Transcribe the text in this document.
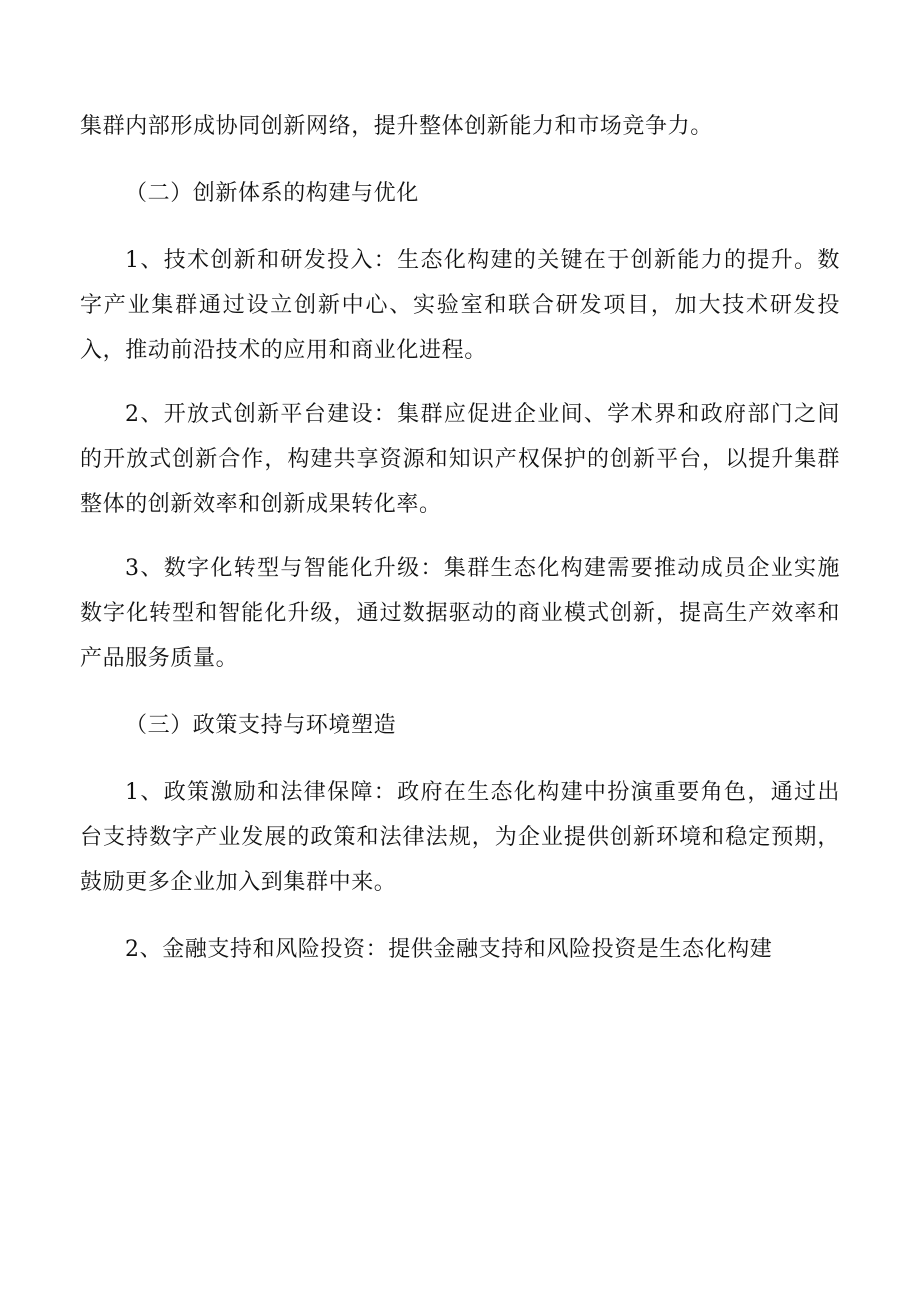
集群内部形成协同创新网络，提升整体创新能力和市场竞争力。

（二）创新体系的构建与优化

1、技术创新和研发投入：生态化构建的关键在于创新能力的提升。数字产业集群通过设立创新中心、实验室和联合研发项目，加大技术研发投入，推动前沿技术的应用和商业化进程。

2、开放式创新平台建设：集群应促进企业间、学术界和政府部门之间的开放式创新合作，构建共享资源和知识产权保护的创新平台，以提升集群整体的创新效率和创新成果转化率。

3、数字化转型与智能化升级：集群生态化构建需要推动成员企业实施数字化转型和智能化升级，通过数据驱动的商业模式创新，提高生产效率和产品服务质量。

（三）政策支持与环境塑造

1、政策激励和法律保障：政府在生态化构建中扮演重要角色，通过出台支持数字产业发展的政策和法律法规，为企业提供创新环境和稳定预期，鼓励更多企业加入到集群中来。

2、金融支持和风险投资：提供金融支持和风险投资是生态化构建
